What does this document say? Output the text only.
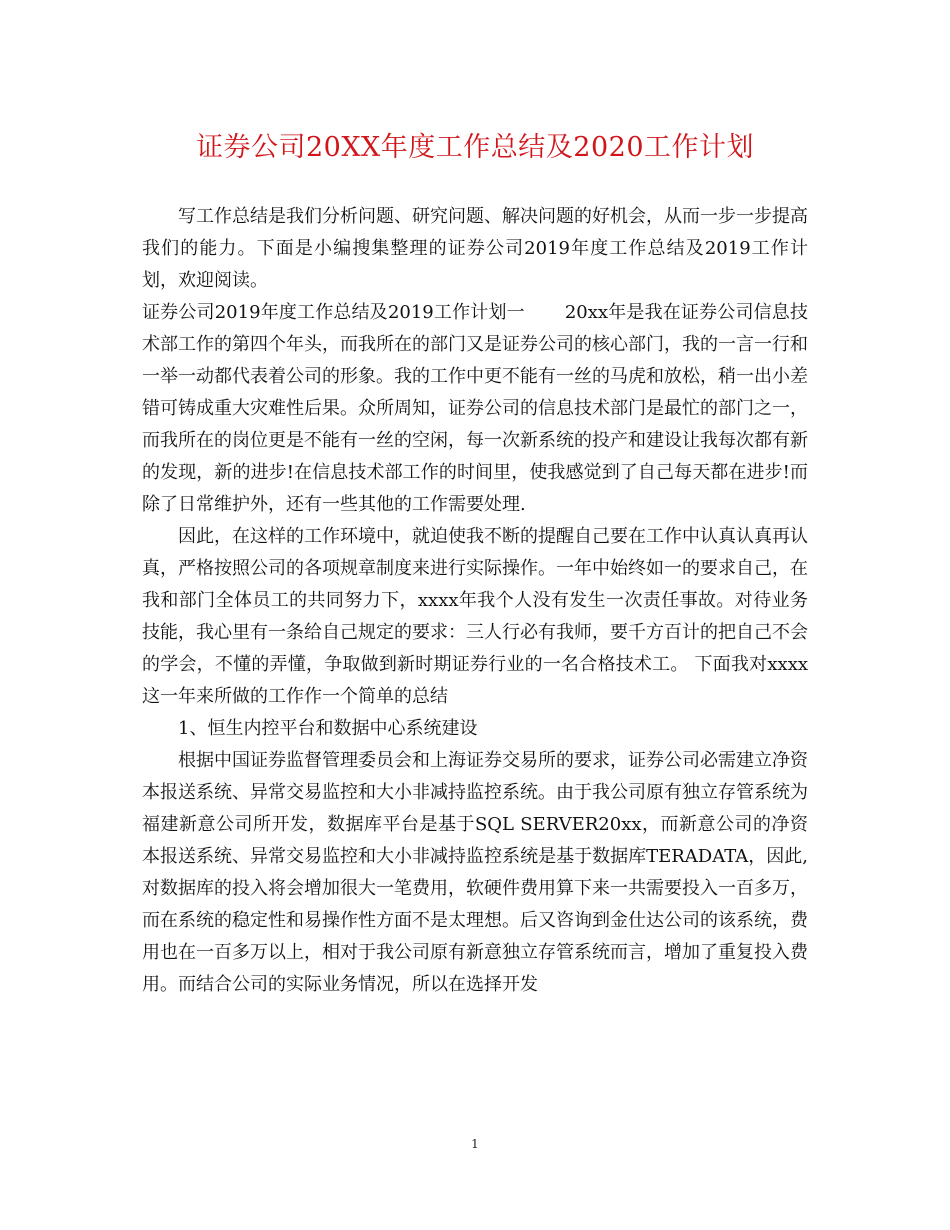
证券公司20XX年度工作总结及2020工作计划

写工作总结是我们分析问题、研究问题、解决问题的好机会，从而一步一步提高我们的能力。下面是小编搜集整理的证券公司2019年度工作总结及2019工作计划，欢迎阅读。

证券公司2019年度工作总结及2019工作计划一 20xx年是我在证券公司信息技术部工作的第四个年头，而我所在的部门又是证券公司的核心部门，我的一言一行和一举一动都代表着公司的形象。我的工作中更不能有一丝的马虎和放松，稍一出小差错可铸成重大灾难性后果。众所周知，证券公司的信息技术部门是最忙的部门之一，而我所在的岗位更是不能有一丝的空闲，每一次新系统的投产和建设让我每次都有新的发现，新的进步!在信息技术部工作的时间里，使我感觉到了自己每天都在进步!而除了日常维护外，还有一些其他的工作需要处理.

因此，在这样的工作环境中，就迫使我不断的提醒自己要在工作中认真认真再认真，严格按照公司的各项规章制度来进行实际操作。一年中始终如一的要求自己，在我和部门全体员工的共同努力下，xxxx年我个人没有发生一次责任事故。对待业务技能，我心里有一条给自己规定的要求：三人行必有我师，要千方百计的把自己不会的学会，不懂的弄懂，争取做到新时期证券行业的一名合格技术工。 下面我对xxxx这一年来所做的工作作一个简单的总结

1、恒生内控平台和数据中心系统建设

根据中国证券监督管理委员会和上海证券交易所的要求，证券公司必需建立净资本报送系统、异常交易监控和大小非减持监控系统。由于我公司原有独立存管系统为福建新意公司所开发，数据库平台是基于SQL SERVER20xx，而新意公司的净资本报送系统、异常交易监控和大小非减持监控系统是基于数据库TERADATA，因此,对数据库的投入将会增加很大一笔费用，软硬件费用算下来一共需要投入一百多万，而在系统的稳定性和易操作性方面不是太理想。后又咨询到金仕达公司的该系统，费用也在一百多万以上，相对于我公司原有新意独立存管系统而言，增加了重复投入费用。而结合公司的实际业务情况，所以在选择开发

1
